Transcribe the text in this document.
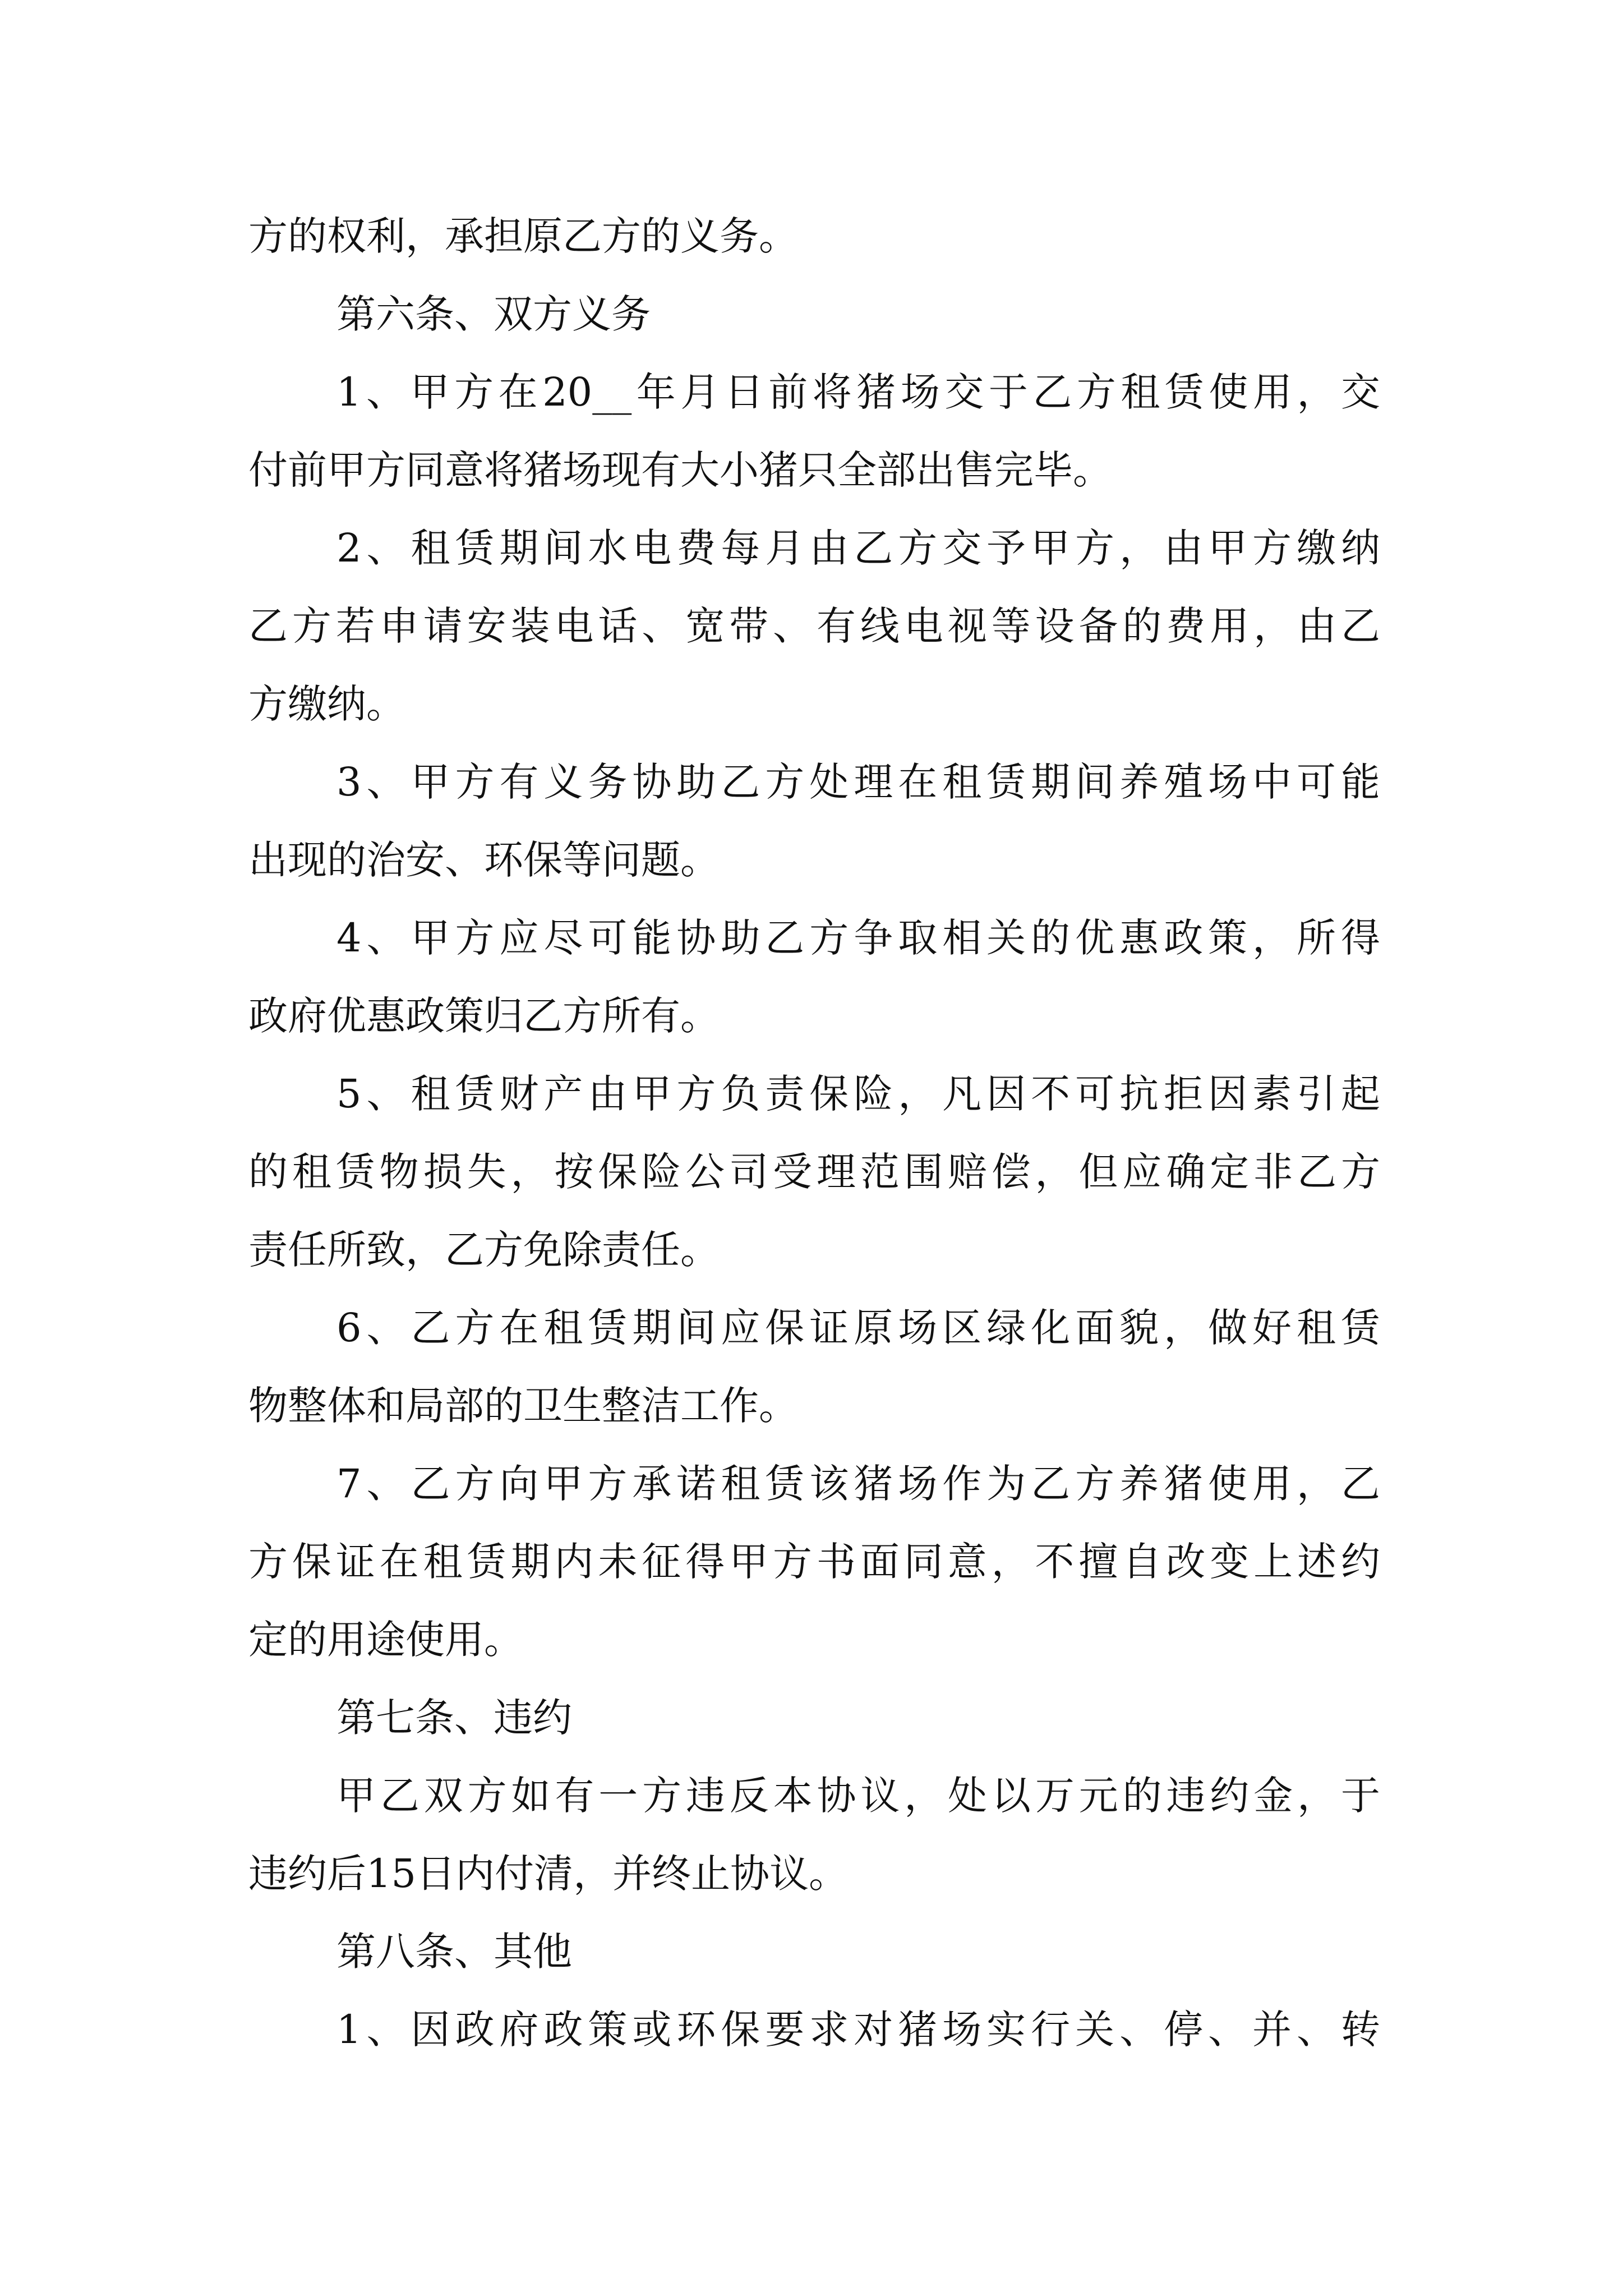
方的权利，承担原乙方的义务。

第六条、双方义务

1、甲方在20__年月日前将猪场交于乙方租赁使用，交

付前甲方同意将猪场现有大小猪只全部出售完毕。

2、租赁期间水电费每月由乙方交予甲方，由甲方缴纳

乙方若申请安装电话、宽带、有线电视等设备的费用，由乙

方缴纳。

3、甲方有义务协助乙方处理在租赁期间养殖场中可能

出现的治安、环保等问题。

4、甲方应尽可能协助乙方争取相关的优惠政策，所得

政府优惠政策归乙方所有。

5、租赁财产由甲方负责保险，凡因不可抗拒因素引起

的租赁物损失，按保险公司受理范围赔偿，但应确定非乙方

责任所致，乙方免除责任。

6、乙方在租赁期间应保证原场区绿化面貌，做好租赁

物整体和局部的卫生整洁工作。

7、乙方向甲方承诺租赁该猪场作为乙方养猪使用，乙

方保证在租赁期内未征得甲方书面同意，不擅自改变上述约

定的用途使用。

第七条、违约

甲乙双方如有一方违反本协议，处以万元的违约金，于

违约后15日内付清，并终止协议。

第八条、其他

1、因政府政策或环保要求对猪场实行关、停、并、转
